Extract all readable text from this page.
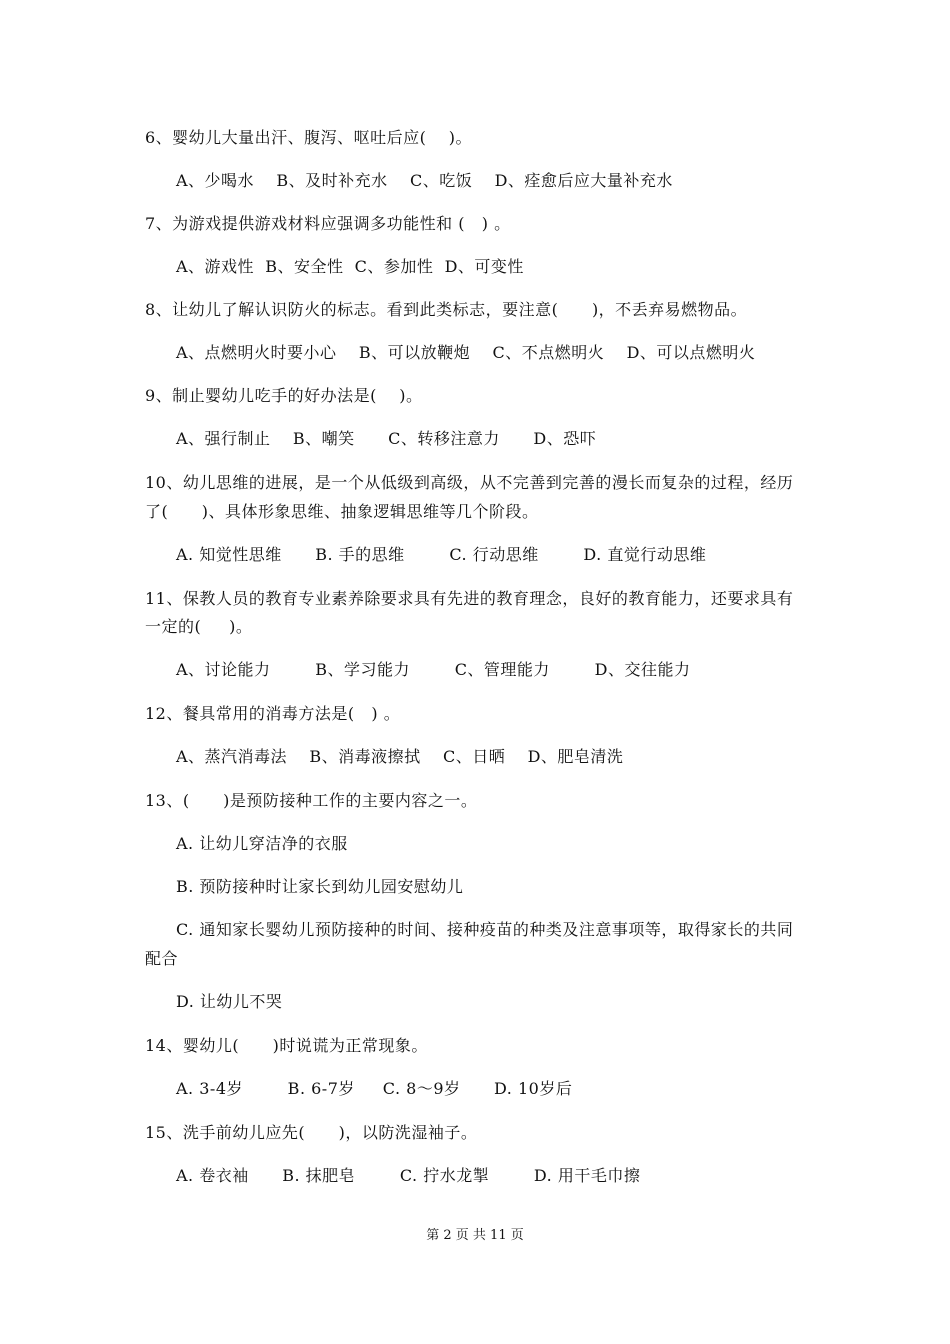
6、婴幼儿大量出汗、腹泻、呕吐后应(    )。
A、少喝水    B、及时补充水    C、吃饭    D、痊愈后应大量补充水
7、为游戏提供游戏材料应强调多功能性和 (   ) 。
A、游戏性  B、安全性  C、参加性  D、可变性
8、让幼儿了解认识防火的标志。看到此类标志，要注意(      )，不丢弃易燃物品。
A、点燃明火时要小心    B、可以放鞭炮    C、不点燃明火    D、可以点燃明火
9、制止婴幼儿吃手的好办法是(    )。
A、强行制止    B、嘲笑      C、转移注意力      D、恐吓
10、幼儿思维的进展，是一个从低级到高级，从不完善到完善的漫长而复杂的过程，经历
了(      )、具体形象思维、抽象逻辑思维等几个阶段。
A. 知觉性思维      B. 手的思维        C. 行动思维        D. 直觉行动思维
11、保教人员的教育专业素养除要求具有先进的教育理念，良好的教育能力，还要求具有
一定的(     )。
A、讨论能力        B、学习能力        C、管理能力        D、交往能力
12、餐具常用的消毒方法是(   ) 。
A、蒸汽消毒法    B、消毒液擦拭    C、日晒    D、肥皂清洗
13、(      )是预防接种工作的主要内容之一。
A. 让幼儿穿洁净的衣服
B. 预防接种时让家长到幼儿园安慰幼儿
C. 通知家长婴幼儿预防接种的时间、接种疫苗的种类及注意事项等，取得家长的共同
配合
D. 让幼儿不哭
14、婴幼儿(      )时说谎为正常现象。
A. 3-4岁        B. 6-7岁     C. 8～9岁      D. 10岁后
15、洗手前幼儿应先(      )，以防洗湿袖子。
A. 卷衣袖      B. 抹肥皂        C. 拧水龙掣        D. 用干毛巾擦
第 2 页 共 11 页
